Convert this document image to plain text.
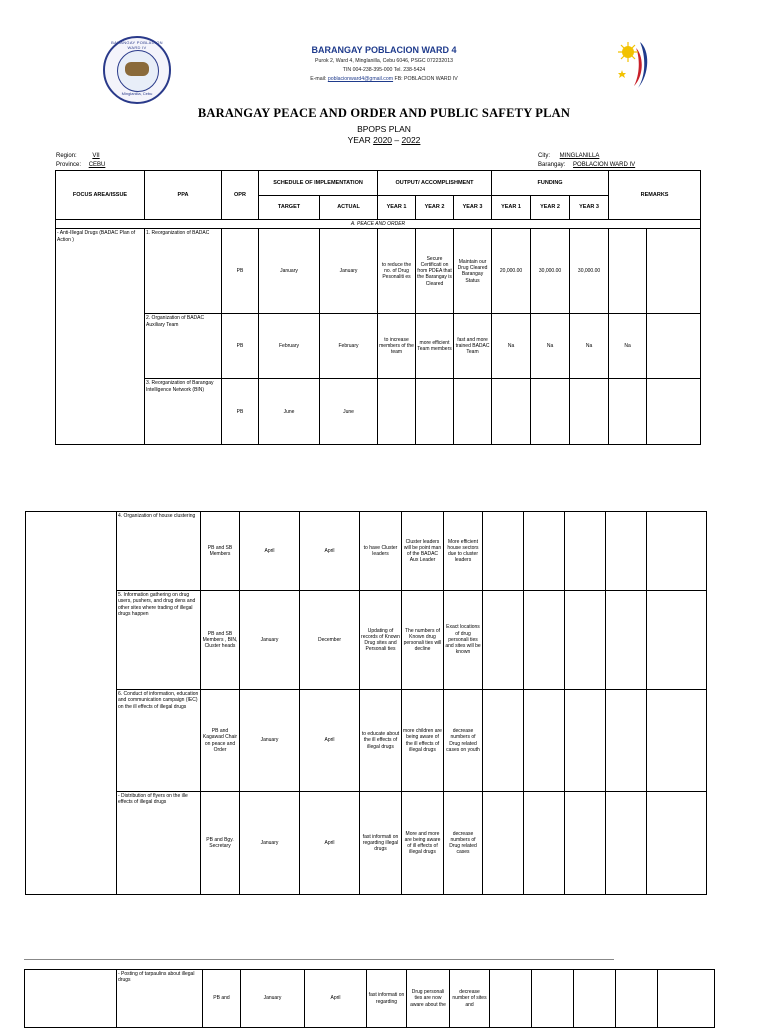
BARANGAY POBLACION WARD IV
Minglanilla, Cebu
BARANGAY POBLACION WARD 4
Purok 2, Ward 4, Minglanilla, Cebu 6046, PSGC 072232013
TIN 004-238-395-000 Tel. 238-5424
E-mail: poblacionward4@gmail.com FB: POBLACION WARD IV
BARANGAY PEACE AND ORDER AND PUBLIC SAFETY PLAN
BPOPS PLAN
YEAR 2020 – 2022
Region:	VII
Province: CEBU
City: MINGLANILLA
Barangay: POBLACION WARD IV
FOCUS AREA/ISSUE	PPA	OPR	SCHEDULE OF IMPLEMENTATION		OUTPUT/ ACCOMPLISHMENT			FUNDING			REMARKS	
			TARGET	ACTUAL	YEAR 1	YEAR 2	YEAR 3	YEAR 1	YEAR 2	YEAR 3		
A. PEACE AND ORDER												
- Anti-Illegal Drugs (BADAC Plan of Action )	1. Reorganization of BADAC	PB	January	January	to reduce the no. of Drug Pesonaliti es	Secure Certificati on from PDEA that the Barangay is Cleared	Maintain our Drug Cleared Barangay Status	20,000.00	30,000.00	30,000.00		
	2. Organization of BADAC Auxiliary Team	PB	February	February	to increase members of the team	more efficient Team members	fast and more trained BADAC Team	Na	Na	Na	Na	
	3. Reorganization of Barangay Intelligence Network (BIN)	PB	June	June								
	4. Organization of house clustering	PB and SB Members	April	April	to have Cluster leaders	Cluster leaders will be point man of the BADAC Aux Leader	More efficient house sectors due to cluster leaders					
	5. Information gathering on drug users, pushers, and drug dens and other sites where trading of illegal drugs happen	PB and SB Members , BIN, Cluster heads	January	December	Updating of records of Known Drug sites and Personali ties	The numbers of Known drug personali ties will decline	Exact locations of drug personali ties and sites will be known					
	6. Conduct of information, education and communication campaign (IEC) on the ill effects of illegal drugs	PB and Kagawad Chair on peace and Order	January	April	to educate about the ill effects of illegal drugs	more children are being aware of the ill effects of illegal drugs	decrease numbers of Drug related cases on youth					
	- Distribution of flyers on the ille effects of illegal drugs	PB and Bgy. Secretary	January	April	fast informati on regarding illegal drugs	More and more are being aware of ill effects of illegal drugs	decrease numbers of Drug related cases					
	- Posting of tarpaulins about illegal drugs	PB and	January	April	fast informati on regarding	Drug personali ties are now aware about the	decrease number of sites and					
